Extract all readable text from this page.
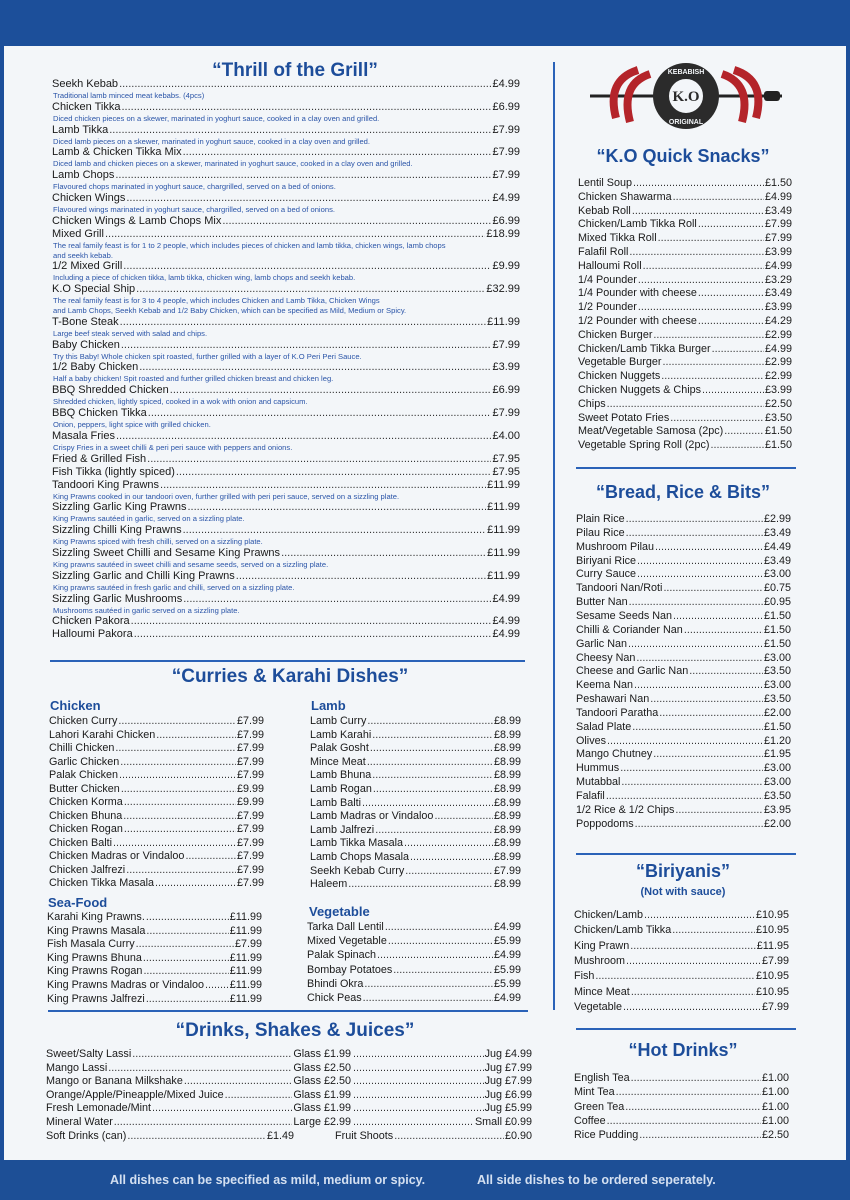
KEBABISH
K.O
ORIGINAL
“Thrill of the Grill”
Seekh Kebab .....	£4.99
Traditional lamb minced meat kebabs. (4pcs)
Chicken Tikka .....	£6.99
Diced chicken pieces on a skewer, marinated in yoghurt sauce, cooked in a clay oven and grilled.
Lamb Tikka .....	£7.99
Diced lamb pieces on a skewer, marinated in yoghurt sauce, cooked in a clay oven and grilled.
Lamb & Chicken Tikka Mix .....	£7.99
Diced lamb and chicken pieces on a skewer, marinated in yoghurt sauce, cooked in a clay oven and grilled.
Lamb Chops .....	£7.99
Flavoured chops marinated in yoghurt sauce, chargrilled, served on a bed of onions.
Chicken Wings .....	£4.99
Flavoured wings marinated in yoghurt sauce, chargrilled, served on a bed of onions.
Chicken Wings & Lamb Chops Mix .....	£6.99
Mixed Grill .....	£18.99
The real family feast is for 1 to 2 people, which includes pieces of chicken and lamb tikka, chicken wings, lamb chops
and seekh kebab.
1/2 Mixed Grill .....	£9.99
Including a piece of chicken tikka, lamb tikka, chicken wing, lamb chops and seekh kebab.
K.O Special Ship .....	£32.99
The real family feast is for 3 to 4 people, which includes Chicken and Lamb Tikka, Chicken Wings
and Lamb Chops, Seekh Kebab and 1/2 Baby Chicken, which can be specified as Mild, Medium or Spicy.
T-Bone Steak .....	£11.99
Large beef steak served with salad and chips.
Baby Chicken .....	£7.99
Try this Baby! Whole chicken spit roasted, further grilled with a layer of K.O Peri Peri Sauce.
1/2 Baby Chicken .....	£3.99
Half a baby chicken! Spit roasted and further grilled chicken breast and chicken leg.
BBQ Shredded Chicken .....	£6.99
Shredded chicken, lightly spiced, cooked in a wok with onion and capsicum.
BBQ Chicken Tikka .....	£7.99
Onion, peppers, light spice with grilled chicken.
Masala Fries .....	£4.00
Crispy Fries in a sweet chilli & peri peri sauce with peppers and onions.
Fried & Grilled Fish .....	£7.95
Fish Tikka (lightly spiced) .....	£7.95
Tandoori King Prawns .....	£11.99
King Prawns cooked in our tandoori oven, further grilled with peri peri sauce, served on a sizzling plate.
Sizzling Garlic King Prawns .....	£11.99
King Prawns sautéed in garlic, served on a sizzling plate.
Sizzling Chilli King Prawns .....	£11.99
King Prawns spiced with fresh chilli, served on a sizzling plate.
Sizzling Sweet Chilli and Sesame King Prawns .....	£11.99
King prawns sautéed in sweet chilli and sesame seeds, served on a sizzling plate.
Sizzling Garlic and Chilli King Prawns .....	£11.99
King prawns sautéed in fresh garlic and chilli, served on a sizzling plate.
Sizzling Garlic Mushrooms .....	£4.99
Mushrooms sautéed in garlic served on a sizzling plate.
Chicken Pakora .....	£4.99
Halloumi Pakora .....	£4.99
“Curries & Karahi Dishes”
Chicken
Sea-Food
Lamb
Vegetable
Chicken Curry .....	£7.99
Lahori Karahi Chicken .....	£7.99
Chilli Chicken .....	£7.99
Garlic Chicken .....	£7.99
Palak Chicken .....	£7.99
Butter Chicken .....	£9.99
Chicken Korma .....	£9.99
Chicken Bhuna .....	£7.99
Chicken Rogan .....	£7.99
Chicken Balti .....	£7.99
Chicken Madras or Vindaloo .....	£7.99
Chicken Jalfrezi .....	£7.99
Chicken Tikka Masala .....	£7.99
Karahi King Prawns. .....	£11.99
King Prawns Masala .....	£11.99
Fish Masala Curry .....	£7.99
King Prawns Bhuna .....	£11.99
King Prawns Rogan .....	£11.99
King Prawns Madras or Vindaloo ..... £11.99
King Prawns Jalfrezi .....	£11.99
Lamb Curry .....	£8.99
Lamb Karahi .....	£8.99
Palak Gosht .....	£8.99
Mince Meat .....	£8.99
Lamb Bhuna .....	£8.99
Lamb Rogan .....	£8.99
Lamb Balti .....	£8.99
Lamb Madras or Vindaloo .....	£8.99
Lamb Jalfrezi .....	£8.99
Lamb Tikka Masala .....	£8.99
Lamb Chops Masala .....	£8.99
Seekh Kebab Curry .....	£7.99
Haleem .....	£8.99
Tarka Dall Lentil .....	£4.99
Mixed Vegetable .....	£5.99
Palak Spinach .....	£4.99
Bombay Potatoes .....	£5.99
Bhindi Okra .....	£5.99
Chick Peas .....	£4.99
“Drinks, Shakes & Juices”
Sweet/Salty Lassi .....	Glass £1.99 .....	Jug £4.99
Mango Lassi .....	Glass £2.50 .....	Jug £7.99
Mango or Banana Milkshake .....	Glass £2.50 .....	Jug £7.99
Orange/Apple/Pineapple/Mixed Juice .....	Glass £1.99 .....	Jug £6.99
Fresh Lemonade/Mint .....	Glass £1.99 .....	Jug £5.99
Mineral Water .....	Large £2.99 .....	Small £0.99
Soft Drinks (can) .....	£1.49	Fruit Shoots .....	£0.90
“K.O Quick Snacks”
Lentil Soup .....	£1.50
Chicken Shawarma .....	£4.99
Kebab Roll .....	£3.49
Chicken/Lamb Tikka Roll .....	£7.99
Mixed Tikka Roll .....	£7.99
Falafil Roll .....	£3.99
Halloumi Roll .....	£4.99
1/4 Pounder .....	£3.29
1/4 Pounder with cheese .....	£3.49
1/2 Pounder .....	£3.99
1/2 Pounder with cheese .....	£4.29
Chicken Burger .....	£2.99
Chicken/Lamb Tikka Burger .....	£4.99
Vegetable Burger .....	£2.99
Chicken Nuggets .....	£2.99
Chicken Nuggets & Chips .....	£3.99
Chips .....	£2.50
Sweet Potato Fries .....	£3.50
Meat/Vegetable Samosa (2pc) .....	£1.50
Vegetable Spring Roll (2pc) .....	£1.50
“Bread, Rice & Bits”
Plain Rice .....	£2.99
Pilau Rice .....	£3.49
Mushroom Pilau .....	£4.49
Biriyani Rice .....	£3.49
Curry Sauce .....	£3.00
Tandoori Nan/Roti .....	£0.75
Butter Nan .....	£0.95
Sesame Seeds Nan .....	£1.50
Chilli & Coriander Nan .....	£1.50
Garlic Nan .....	£1.50
Cheesy Nan .....	£3.00
Cheese and Garlic Nan .....	£3.50
Keema Nan .....	£3.00
Peshawari Nan .....	£3.50
Tandoori Paratha .....	£2.00
Salad Plate .....	£1.50
Olives .....	£1.20
Mango Chutney .....	£1.95
Hummus .....	£3.00
Mutabbal .....	£3.00
Falafil .....	£3.50
1/2 Rice & 1/2 Chips .....	£3.95
Poppodoms .....	£2.00
“Biriyanis”
(Not with sauce)
Chicken/Lamb .....	£10.95
Chicken/Lamb Tikka .....	£10.95
King Prawn .....	£11.95
Mushroom .....	£7.99
Fish .....	£10.95
Mince Meat .....	£10.95
Vegetable .....	£7.99
“Hot Drinks”
English Tea .....	£1.00
Mint Tea .....	£1.00
Green Tea .....	£1.00
Coffee .....	£1.00
Rice Pudding .....	£2.50
All dishes can be specified as mild, medium or spicy.	All side dishes to be ordered seperately.
